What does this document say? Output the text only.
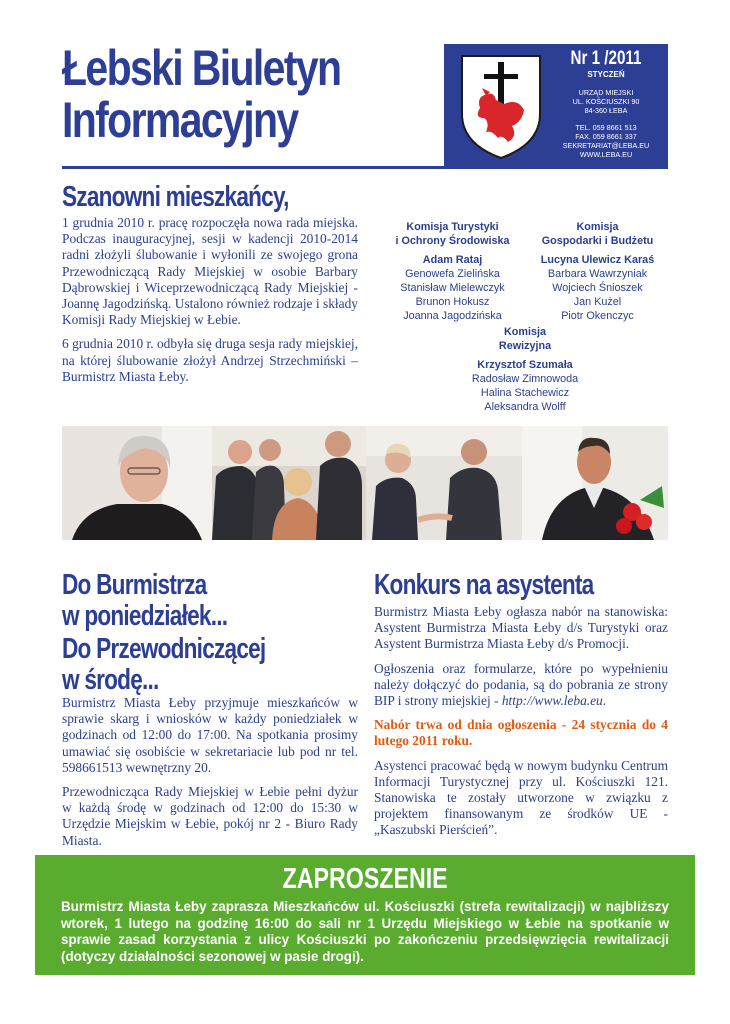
Łebski Biuletyn
Informacyjny
Nr 1 /2011
STYCZEŃ
URZĄD MIEJSKI
UL. KOŚCIUSZKI 90
84-360 ŁEBA
TEL. 059 8661 513
FAX. 059 8661 337
SEKRETARIAT@LEBA.EU
WWW.LEBA.EU
Szanowni mieszkańcy,

1 grudnia 2010 r. pracę rozpoczęła nowa rada miejska. Podczas inauguracyjnej, sesji w kadencji 2010-2014 radni złożyli ślubowanie i wyłonili ze swojego grona Przewodniczącą Rady Miejskiej w osobie Barbary Dąbrowskiej i Wiceprzewodniczącą Rady Miejskiej - Joannę Jagodzińską. Ustalono również rodzaje i składy Komisji Rady Miejskiej w Łebie.

6 grudnia 2010 r. odbyła się druga sesja rady miejskiej, na której ślubowanie złożył Andrzej Strzechmiński – Burmistrz Miasta Łeby.

Komisja Turystyki
i Ochrony Środowiska
Adam Rataj
Genowefa Zielińska
Stanisław Mielewczyk
Brunon Hokusz
Joanna Jagodzińska
Komisja
Gospodarki i Budżetu
Lucyna Ulewicz Karaś
Barbara Wawrzyniak
Wojciech Śnioszek
Jan Kużel
Piotr Okenczyc
Komisja
Rewizyjna
Krzysztof Szumała
Radosław Zimnowoda
Halina Stachewicz
Aleksandra Wolff
Do Burmistrza
w poniedziałek...
Do Przewodniczącej
w środę...

Burmistrz Miasta Łeby przyjmuje mieszkańców w sprawie skarg i wniosków w każdy poniedziałek w godzinach od 12:00 do 17:00. Na spotkania prosimy umawiać się osobiście w sekretariacie lub pod nr tel. 598661513 wewnętrzny 20.

Przewodnicząca Rady Miejskiej w Łebie pełni dyżur w każdą środę w godzinach od 12:00 do 15:30 w Urzędzie Miejskim w Łebie, pokój nr 2 - Biuro Rady Miasta.

Konkurs na asystenta

Burmistrz Miasta Łeby ogłasza nabór na stanowiska: Asystent Burmistrza Miasta Łeby d/s Turystyki oraz Asystent Burmistrza Miasta Łeby d/s Promocji.

Ogłoszenia oraz formularze, które po wypełnieniu należy dołączyć do podania, są do pobrania ze strony BIP i strony miejskiej - http://www.leba.eu.

Nabór trwa od dnia ogłoszenia - 24 stycznia do 4 lutego 2011 roku.

Asystenci pracować będą w nowym budynku Centrum Informacji Turystycznej przy ul. Kościuszki 121. Stanowiska te zostały utworzone w związku z projektem finansowanym ze środków UE - „Kaszubski Pierścień”.

ZAPROSZENIE
Burmistrz Miasta Łeby zaprasza Mieszkańców ul. Kościuszki (strefa rewitalizacji) w najbliższy wtorek, 1 lutego na godzinę 16:00 do sali nr 1 Urzędu Miejskiego w Łebie na spotkanie w sprawie zasad korzystania z ulicy Kościuszki po zakończeniu przedsięwzięcia rewitalizacji (dotyczy działalności sezonowej w pasie drogi).
